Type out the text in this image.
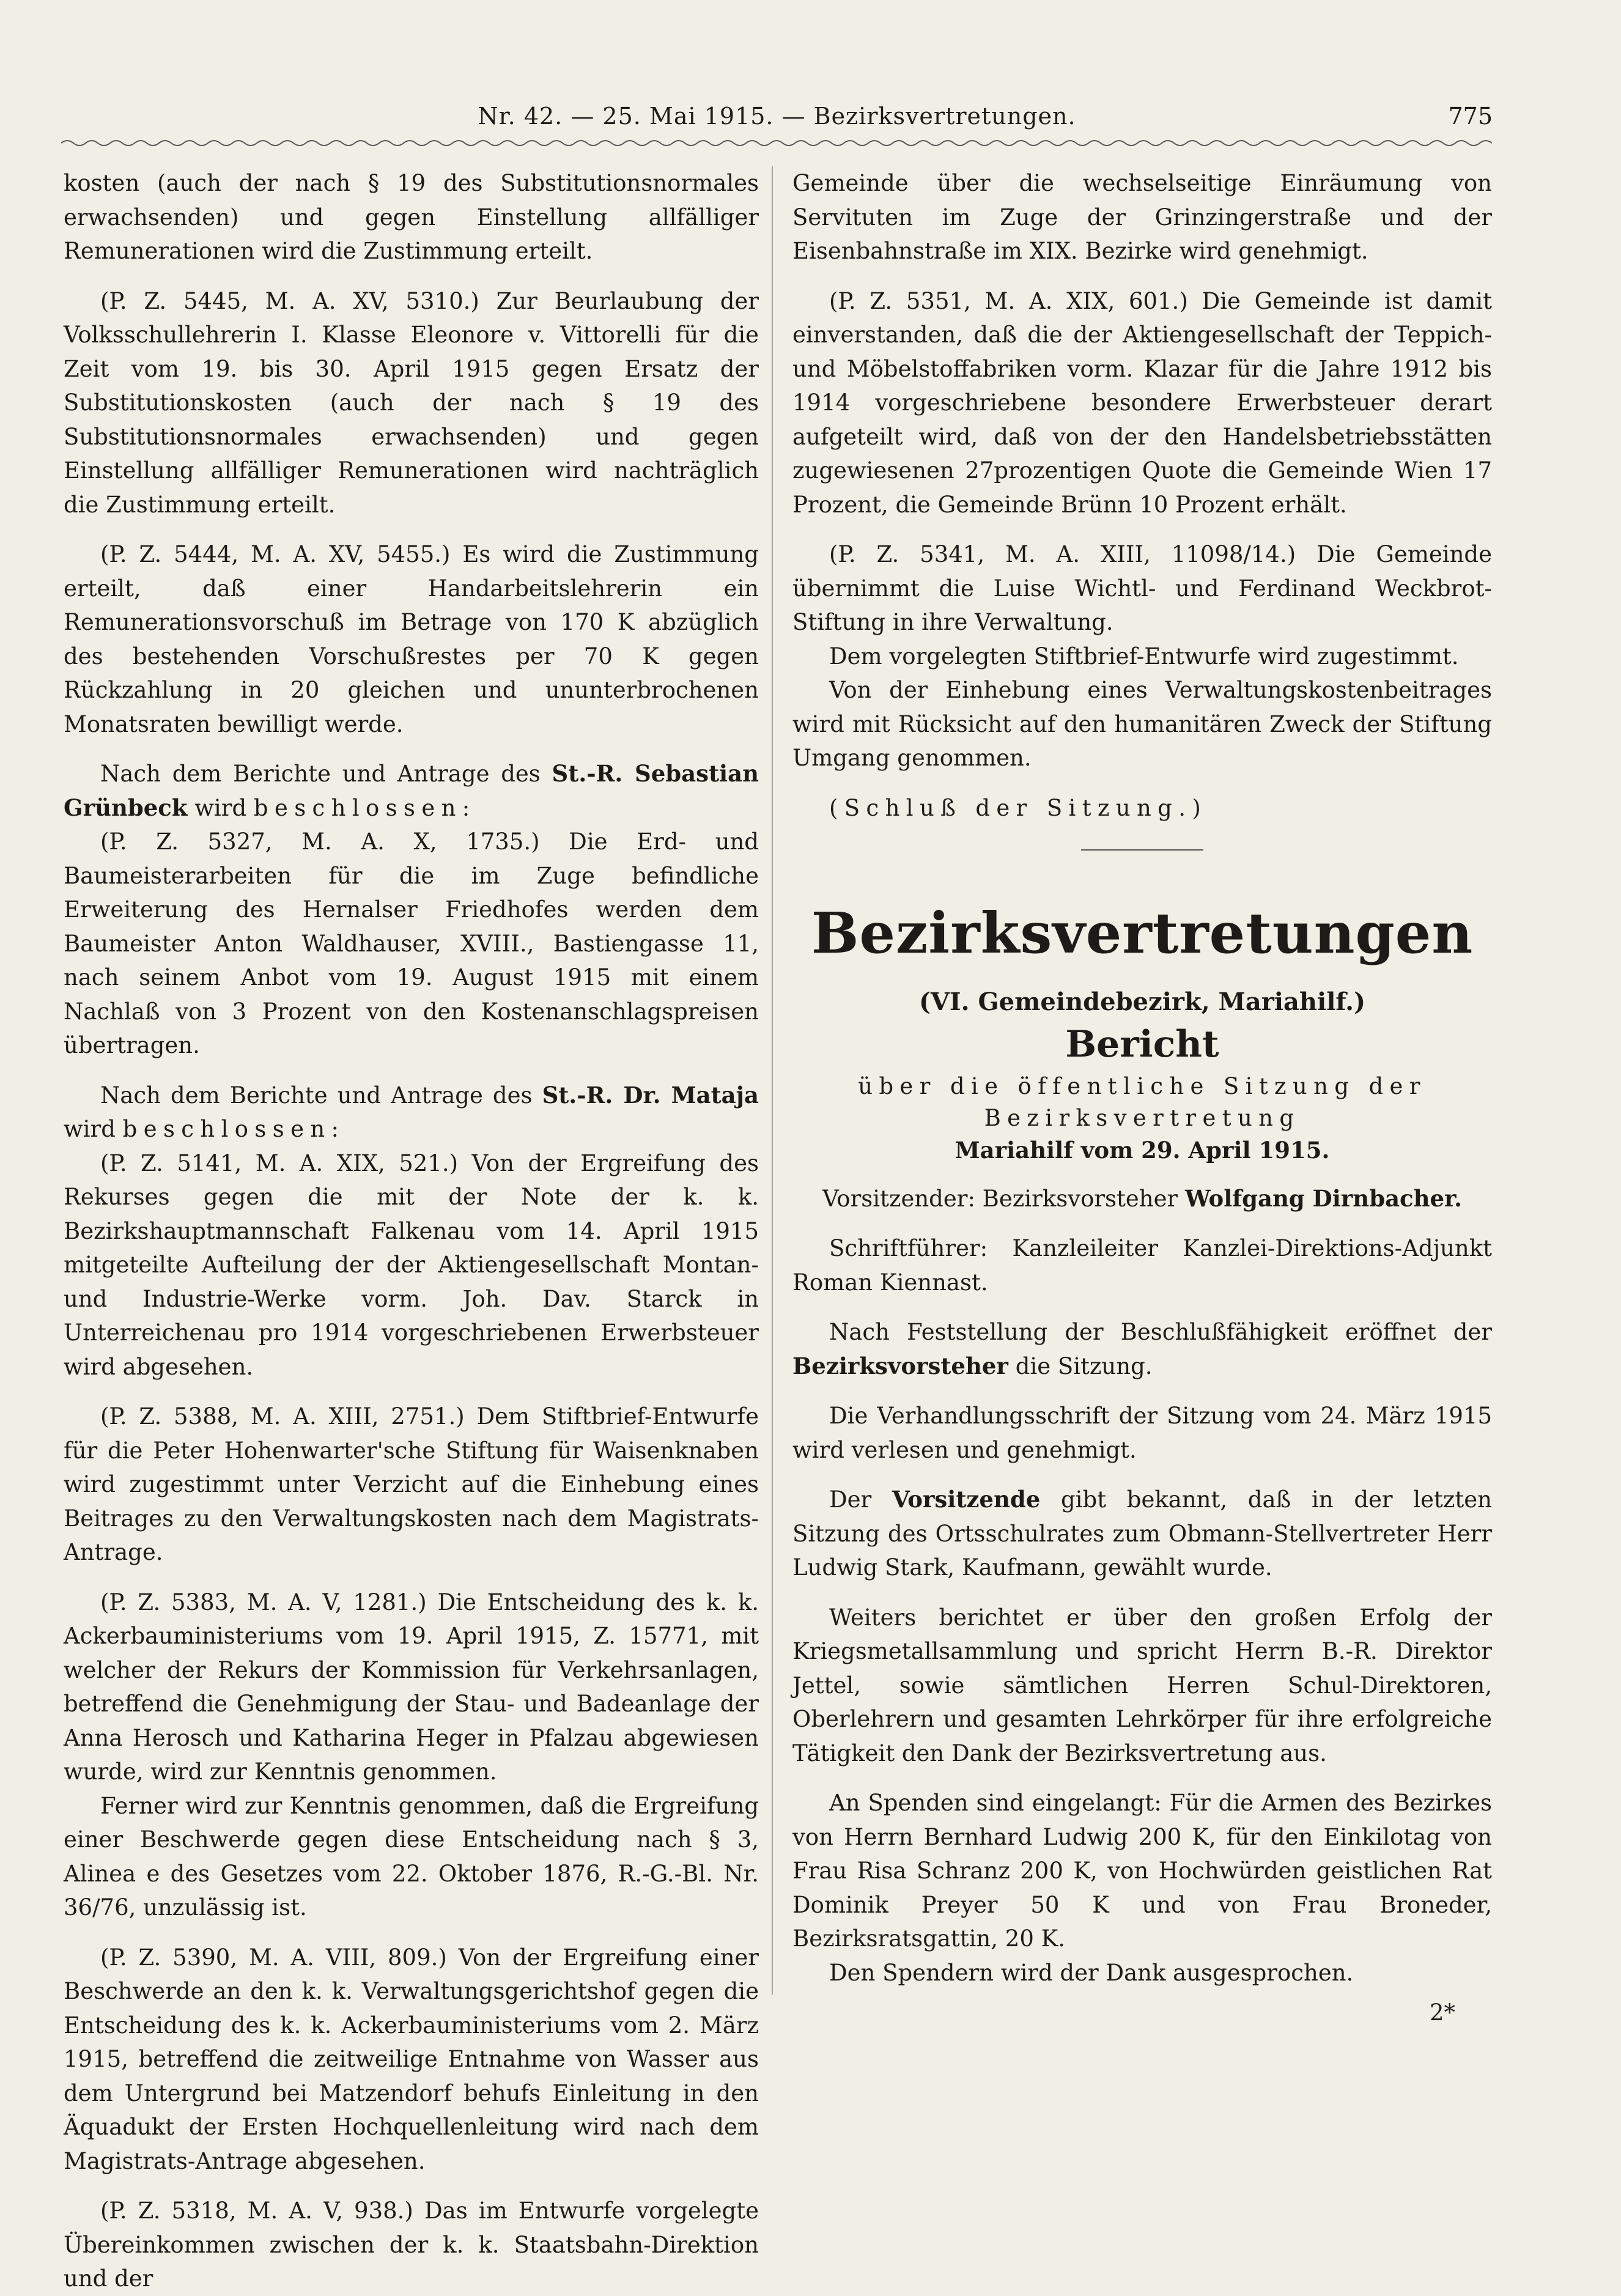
Nr. 42. — 25. Mai 1915. — Bezirksvertretungen.	775

kosten (auch der nach § 19 des Substitutionsnormales erwachsenden) und gegen Einstellung allfälliger Remunerationen wird die Zustimmung erteilt.

(P. Z. 5445, M. A. XV, 5310.) Zur Beurlaubung der Volksschullehrerin I. Klasse Eleonore v. Vittorelli für die Zeit vom 19. bis 30. April 1915 gegen Ersatz der Substitutionskosten (auch der nach § 19 des Substitutionsnormales erwachsenden) und gegen Einstellung allfälliger Remunerationen wird nachträglich die Zustimmung erteilt.

(P. Z. 5444, M. A. XV, 5455.) Es wird die Zustimmung erteilt, daß einer Handarbeitslehrerin ein Remunerationsvorschuß im Betrage von 170 K abzüglich des bestehenden Vorschußrestes per 70 K gegen Rückzahlung in 20 gleichen und ununterbrochenen Monatsraten bewilligt werde.

Nach dem Berichte und Antrage des St.-R. Sebastian Grünbeck wird beschlossen:

(P. Z. 5327, M. A. X, 1735.) Die Erd- und Baumeisterarbeiten für die im Zuge befindliche Erweiterung des Hernalser Friedhofes werden dem Baumeister Anton Waldhauser, XVIII., Bastiengasse 11, nach seinem Anbot vom 19. August 1915 mit einem Nachlaß von 3 Prozent von den Kostenanschlagspreisen übertragen.

Nach dem Berichte und Antrage des St.-R. Dr. Mataja wird beschlossen:

(P. Z. 5141, M. A. XIX, 521.) Von der Ergreifung des Rekurses gegen die mit der Note der k. k. Bezirkshauptmannschaft Falkenau vom 14. April 1915 mitgeteilte Aufteilung der der Aktiengesellschaft Montan- und Industrie-Werke vorm. Joh. Dav. Starck in Unterreichenau pro 1914 vorgeschriebenen Erwerbsteuer wird abgesehen.

(P. Z. 5388, M. A. XIII, 2751.) Dem Stiftbrief-Entwurfe für die Peter Hohenwarter'sche Stiftung für Waisenknaben wird zugestimmt unter Verzicht auf die Einhebung eines Beitrages zu den Verwaltungskosten nach dem Magistrats-Antrage.

(P. Z. 5383, M. A. V, 1281.) Die Entscheidung des k. k. Ackerbauministeriums vom 19. April 1915, Z. 15771, mit welcher der Rekurs der Kommission für Verkehrsanlagen, betreffend die Genehmigung der Stau- und Badeanlage der Anna Herosch und Katharina Heger in Pfalzau abgewiesen wurde, wird zur Kenntnis genommen.

Ferner wird zur Kenntnis genommen, daß die Ergreifung einer Beschwerde gegen diese Entscheidung nach § 3, Alinea e des Gesetzes vom 22. Oktober 1876, R.-G.-Bl. Nr. 36/76, unzulässig ist.

(P. Z. 5390, M. A. VIII, 809.) Von der Ergreifung einer Beschwerde an den k. k. Verwaltungsgerichtshof gegen die Entscheidung des k. k. Ackerbauministeriums vom 2. März 1915, betreffend die zeitweilige Entnahme von Wasser aus dem Untergrund bei Matzendorf behufs Einleitung in den Äquadukt der Ersten Hochquellenleitung wird nach dem Magistrats-Antrage abgesehen.

(P. Z. 5318, M. A. V, 938.) Das im Entwurfe vorgelegte Übereinkommen zwischen der k. k. Staatsbahn-Direktion und der

Gemeinde über die wechselseitige Einräumung von Servituten im Zuge der Grinzingerstraße und der Eisenbahnstraße im XIX. Bezirke wird genehmigt.

(P. Z. 5351, M. A. XIX, 601.) Die Gemeinde ist damit einverstanden, daß die der Aktiengesellschaft der Teppich- und Möbelstoffabriken vorm. Klazar für die Jahre 1912 bis 1914 vorgeschriebene besondere Erwerbsteuer derart aufgeteilt wird, daß von der den Handelsbetriebsstätten zugewiesenen 27prozentigen Quote die Gemeinde Wien 17 Prozent, die Gemeinde Brünn 10 Prozent erhält.

(P. Z. 5341, M. A. XIII, 11098/14.) Die Gemeinde übernimmt die Luise Wichtl- und Ferdinand Weckbrot-Stiftung in ihre Verwaltung.

Dem vorgelegten Stiftbrief-Entwurfe wird zugestimmt.

Von der Einhebung eines Verwaltungskostenbeitrages wird mit Rücksicht auf den humanitären Zweck der Stiftung Umgang genommen.

(Schluß der Sitzung.)

Bezirksvertretungen
(VI. Gemeindebezirk, Mariahilf.)
Bericht
über die öffentliche Sitzung der Bezirksvertretung
Mariahilf vom 29. April 1915.

Vorsitzender: Bezirksvorsteher Wolfgang Dirnbacher.

Schriftführer: Kanzleileiter Kanzlei-Direktions-Adjunkt Roman Kiennast.

Nach Feststellung der Beschlußfähigkeit eröffnet der Bezirksvorsteher die Sitzung.

Die Verhandlungsschrift der Sitzung vom 24. März 1915 wird verlesen und genehmigt.

Der Vorsitzende gibt bekannt, daß in der letzten Sitzung des Ortsschulrates zum Obmann-Stellvertreter Herr Ludwig Stark, Kaufmann, gewählt wurde.

Weiters berichtet er über den großen Erfolg der Kriegsmetallsammlung und spricht Herrn B.-R. Direktor Jettel, sowie sämtlichen Herren Schul-Direktoren, Oberlehrern und gesamten Lehrkörper für ihre erfolgreiche Tätigkeit den Dank der Bezirksvertretung aus.

An Spenden sind eingelangt: Für die Armen des Bezirkes von Herrn Bernhard Ludwig 200 K, für den Einkilotag von Frau Risa Schranz 200 K, von Hochwürden geistlichen Rat Dominik Preyer 50 K und von Frau Broneder, Bezirksratsgattin, 20 K.

Den Spendern wird der Dank ausgesprochen.

2*
